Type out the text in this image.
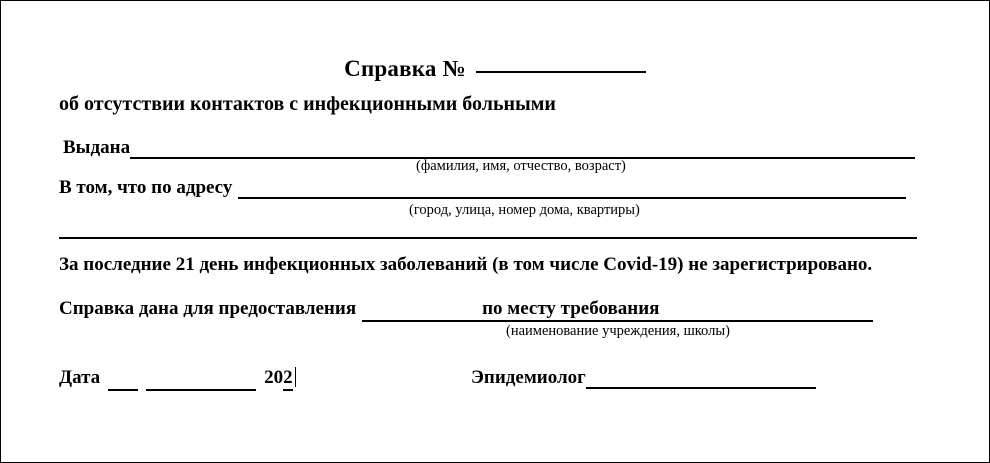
Справка №
об отсутствии контактов с инфекционными больными
Выдана
(фамилия, имя, отчество, возраст)
В том, что по адресу
(город, улица, номер дома, квартиры)
За последние 21 день инфекционных заболеваний (в том числе Covid-19) не зарегистрировано.
Справка дана для предоставления	по месту требования
(наименование учреждения, школы)
Дата	202	Эпидемиолог
